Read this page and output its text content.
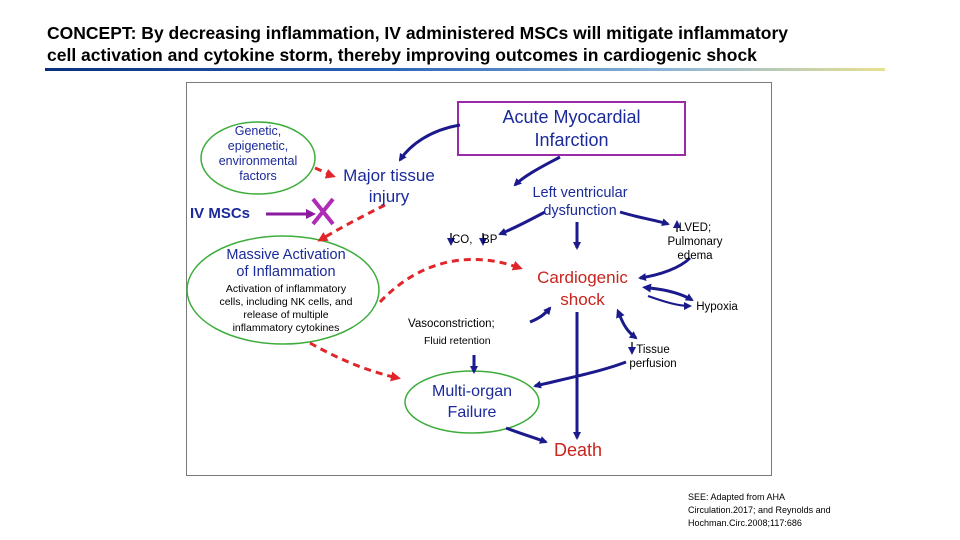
CONCEPT: By decreasing inflammation, IV administered MSCs will mitigate inflammatory
cell activation and cytokine storm, thereby improving outcomes in cardiogenic shock
Acute Myocardial
Infarction
Genetic,
epigenetic,
environmental
factors
IV MSCs
Major tissue
injury	Left ventricular
dysfunction
LVED;
Pulmonary
edema
CO,   BP
Massive Activation
of Inflammation
Activation of inflammatory
cells, including NK cells, and
release of multiple
inflammatory cytokines
Cardiogenic
shock	Hypoxia
Vasoconstriction;
Fluid retention
Tissue
perfusion
Multi-organ
Failure
Death
SEE: Adapted from AHA
Circulation.2017; and Reynolds and
Hochman.Circ.2008;117:686
